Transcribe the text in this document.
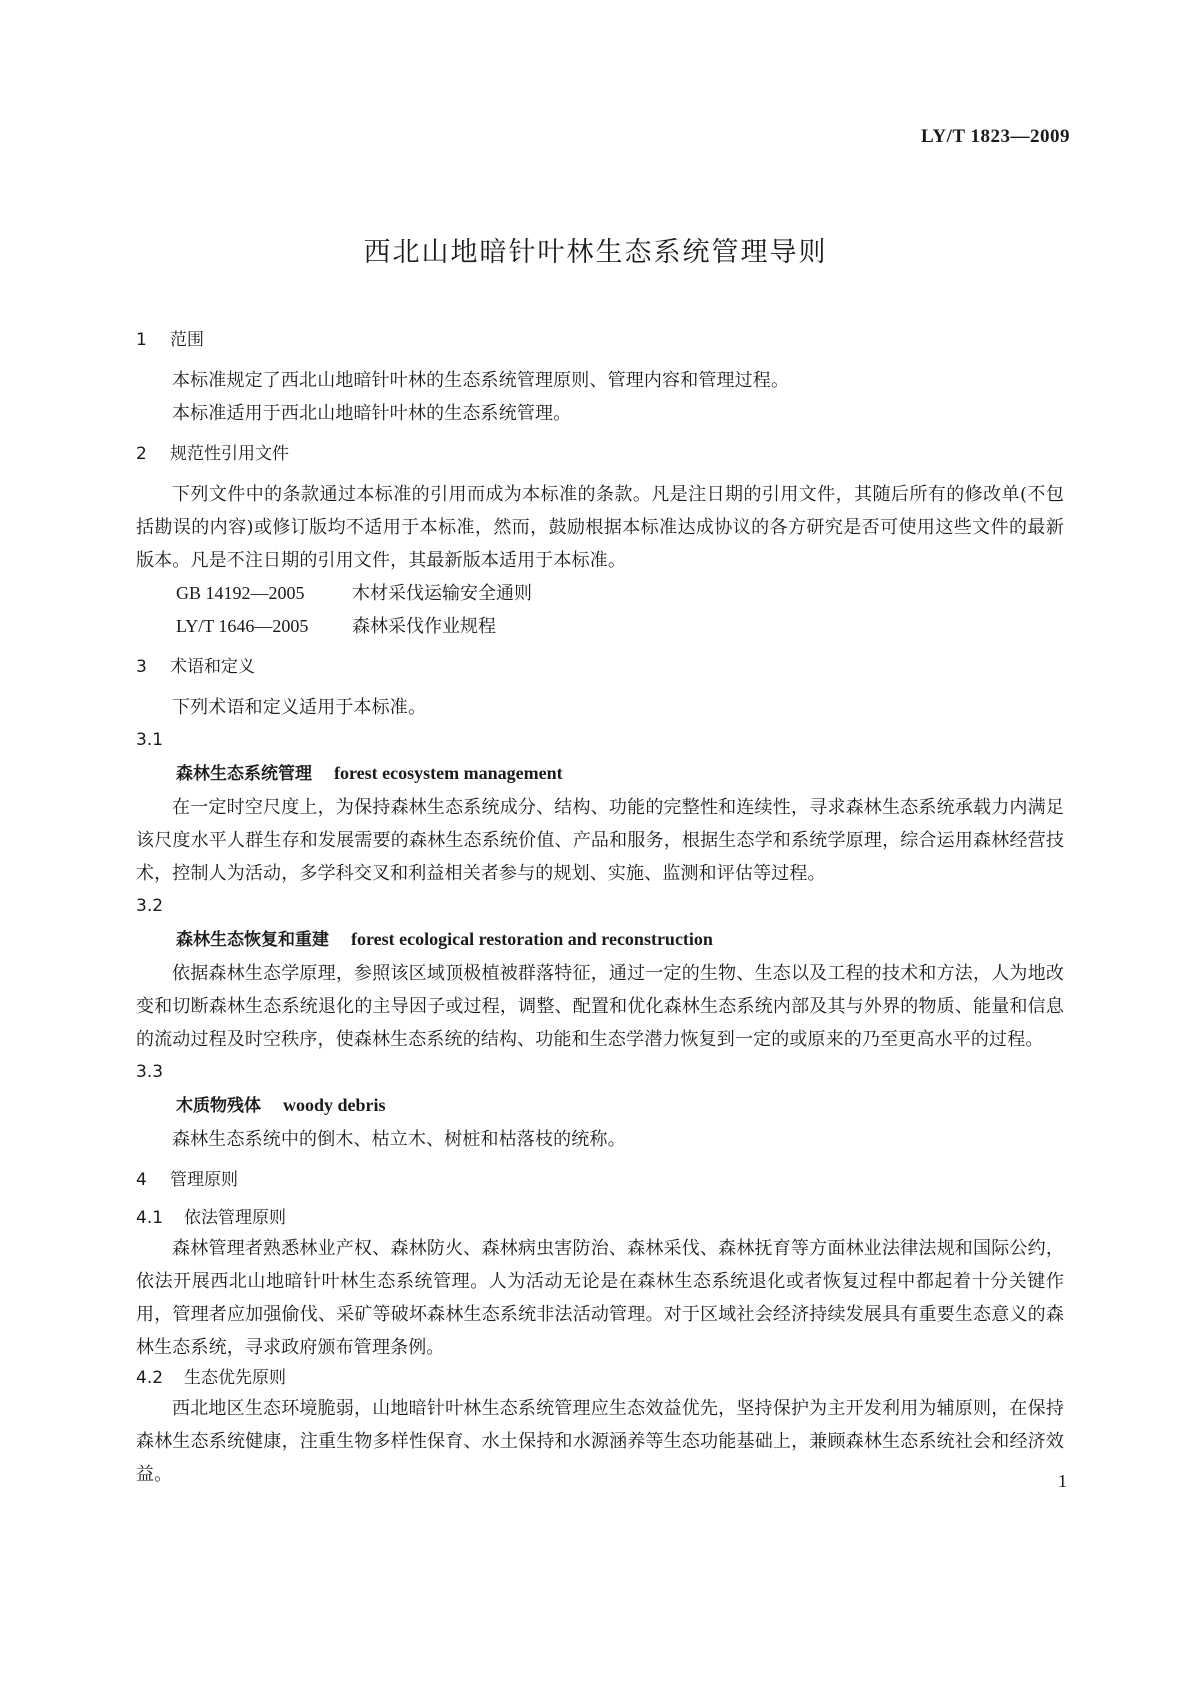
LY/T 1823—2009
西北山地暗针叶林生态系统管理导则
1	范围
本标准规定了西北山地暗针叶林的生态系统管理原则、管理内容和管理过程。
本标准适用于西北山地暗针叶林的生态系统管理。
2	规范性引用文件
下列文件中的条款通过本标准的引用而成为本标准的条款。凡是注日期的引用文件，其随后所有的修改单(不包括勘误的内容)或修订版均不适用于本标准，然而，鼓励根据本标准达成协议的各方研究是否可使用这些文件的最新版本。凡是不注日期的引用文件，其最新版本适用于本标准。
GB 14192—2005	木材采伐运输安全通则
LY/T 1646—2005 森林采伐作业规程
3	术语和定义
下列术语和定义适用于本标准。
3.1
森林生态系统管理 forest ecosystem management
在一定时空尺度上，为保持森林生态系统成分、结构、功能的完整性和连续性，寻求森林生态系统承载力内满足该尺度水平人群生存和发展需要的森林生态系统价值、产品和服务，根据生态学和系统学原理，综合运用森林经营技术，控制人为活动，多学科交叉和利益相关者参与的规划、实施、监测和评估等过程。
3.2
森林生态恢复和重建 forest ecological restoration and reconstruction
依据森林生态学原理，参照该区域顶极植被群落特征，通过一定的生物、生态以及工程的技术和方法，人为地改变和切断森林生态系统退化的主导因子或过程，调整、配置和优化森林生态系统内部及其与外界的物质、能量和信息的流动过程及时空秩序，使森林生态系统的结构、功能和生态学潜力恢复到一定的或原来的乃至更高水平的过程。
3.3
木质物残体 woody debris
森林生态系统中的倒木、枯立木、树桩和枯落枝的统称。
4	管理原则
4.1	依法管理原则
森林管理者熟悉林业产权、森林防火、森林病虫害防治、森林采伐、森林抚育等方面林业法律法规和国际公约，依法开展西北山地暗针叶林生态系统管理。人为活动无论是在森林生态系统退化或者恢复过程中都起着十分关键作用，管理者应加强偷伐、采矿等破坏森林生态系统非法活动管理。对于区域社会经济持续发展具有重要生态意义的森林生态系统，寻求政府颁布管理条例。
4.2	生态优先原则
西北地区生态环境脆弱，山地暗针叶林生态系统管理应生态效益优先，坚持保护为主开发利用为辅原则，在保持森林生态系统健康，注重生物多样性保育、水土保持和水源涵养等生态功能基础上，兼顾森林生态系统社会和经济效益。	1
